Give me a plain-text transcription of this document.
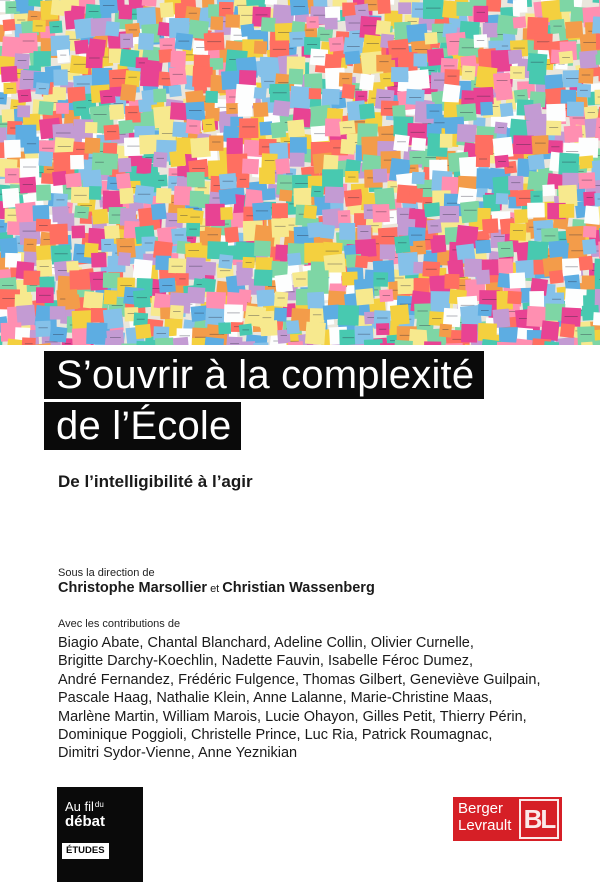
S’ouvrir à la complexité
de l’École
De l’intelligibilité à l’agir
Sous la direction de
Christophe Marsollier et Christian Wassenberg
Avec les contributions de
Biagio Abate, Chantal Blanchard, Adeline Collin, Olivier Curnelle,
Brigitte Darchy-Koechlin, Nadette Fauvin, Isabelle Féroc Dumez,
André Fernandez, Frédéric Fulgence, Thomas Gilbert, Geneviève Guilpain,
Pascale Haag, Nathalie Klein, Anne Lalanne, Marie-Christine Maas,
Marlène Martin, William Marois, Lucie Ohayon, Gilles Petit, Thierry Périn,
Dominique Poggioli, Christelle Prince, Luc Ria, Patrick Roumagnac,
Dimitri Sydor-Vienne, Anne Yeznikian
Au fil$^{du}$
débat
ÉTUDES
BL
Berger
Levrault
